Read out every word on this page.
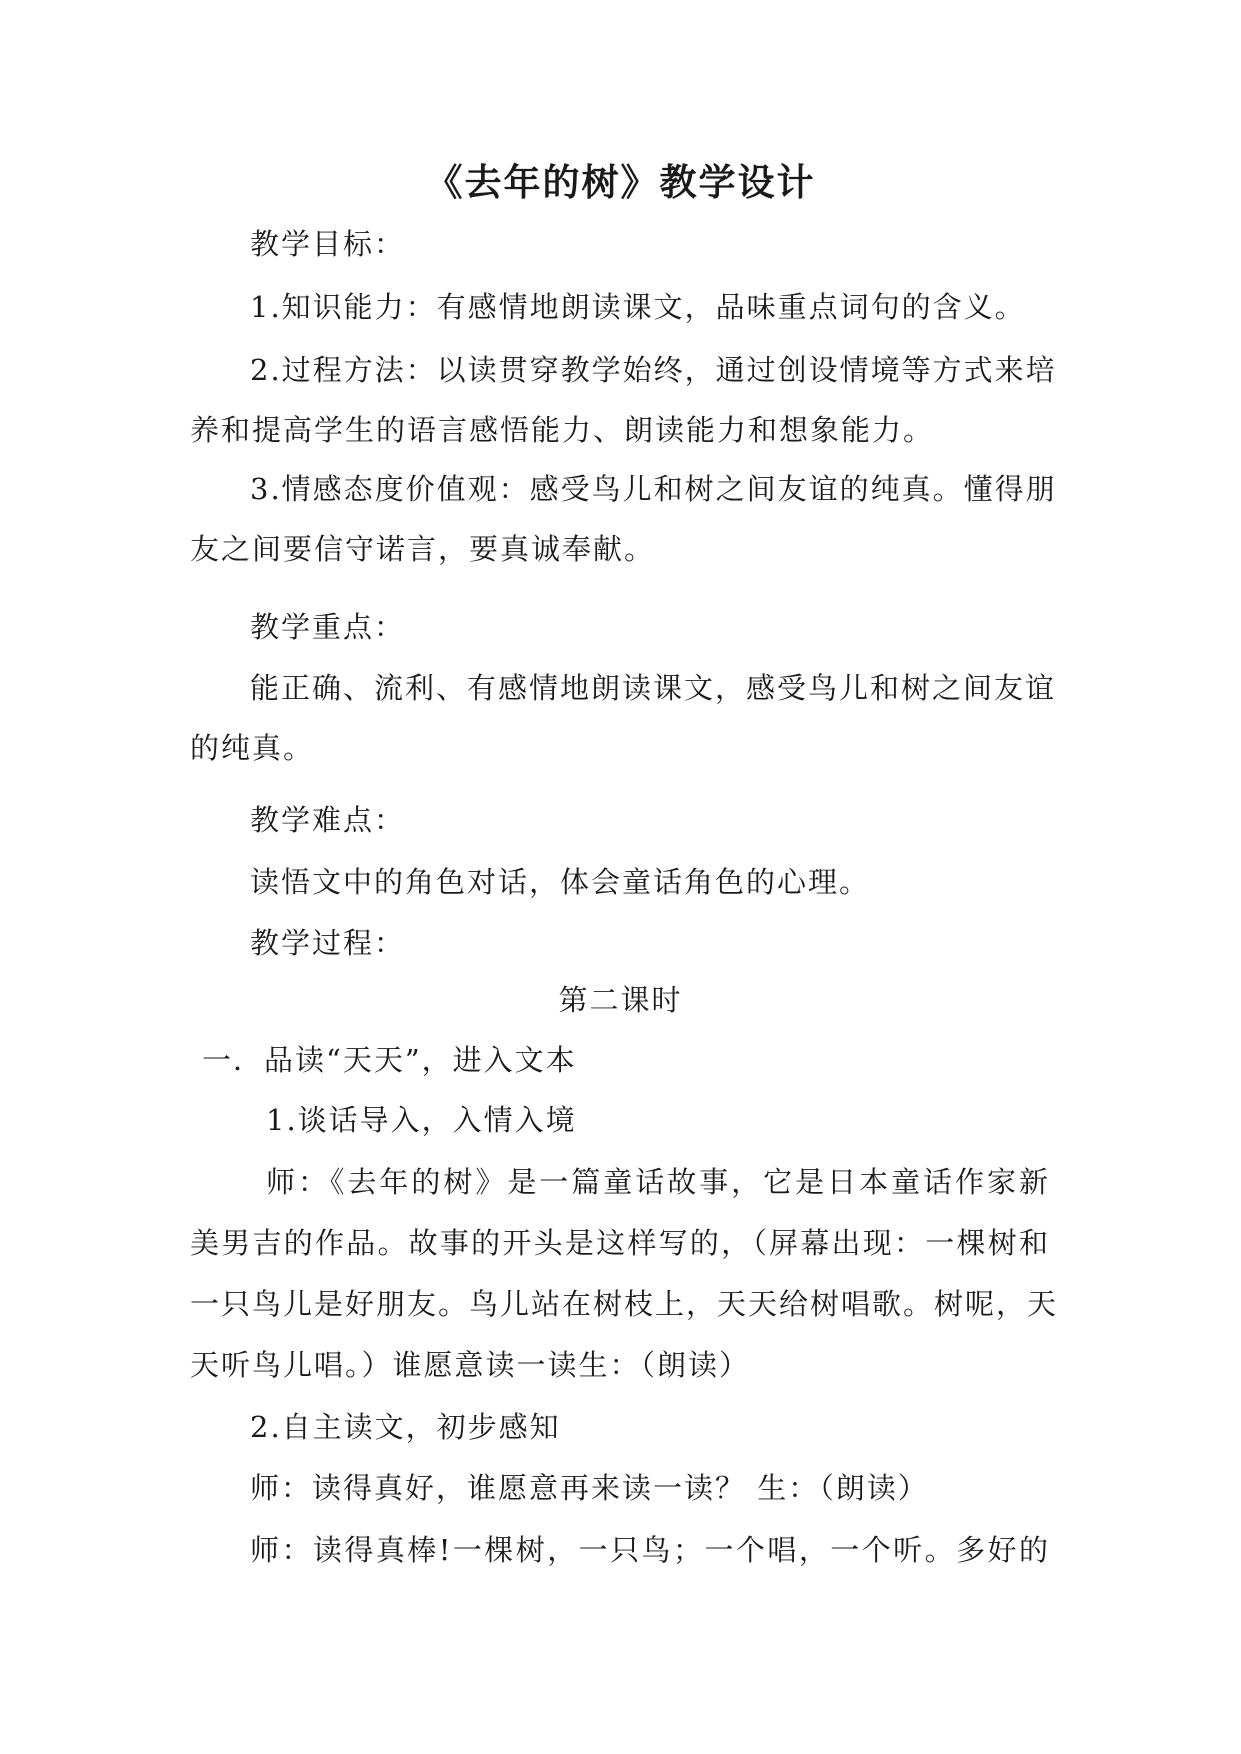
《去年的树》教学设计
教学目标：
1.知识能力：有感情地朗读课文，品味重点词句的含义。
2.过程方法：以读贯穿教学始终，通过创设情境等方式来培
养和提高学生的语言感悟能力、朗读能力和想象能力。
3.情感态度价值观：感受鸟儿和树之间友谊的纯真。懂得朋
友之间要信守诺言，要真诚奉献。
教学重点：
能正确、流利、有感情地朗读课文，感受鸟儿和树之间友谊
的纯真。
教学难点：
读悟文中的角色对话，体会童话角色的心理。
教学过程：
第二课时
一．品读“天天”，进入文本
1.谈话导入，入情入境
师：《去年的树》是一篇童话故事，它是日本童话作家新
美男吉的作品。故事的开头是这样写的，（屏幕出现：一棵树和
一只鸟儿是好朋友。鸟儿站在树枝上，天天给树唱歌。树呢，天
天听鸟儿唱。）谁愿意读一读生：（朗读）
2.自主读文，初步感知
师：读得真好，谁愿意再来读一读？ 生：（朗读）
师：读得真棒!一棵树，一只鸟；一个唱，一个听。多好的
